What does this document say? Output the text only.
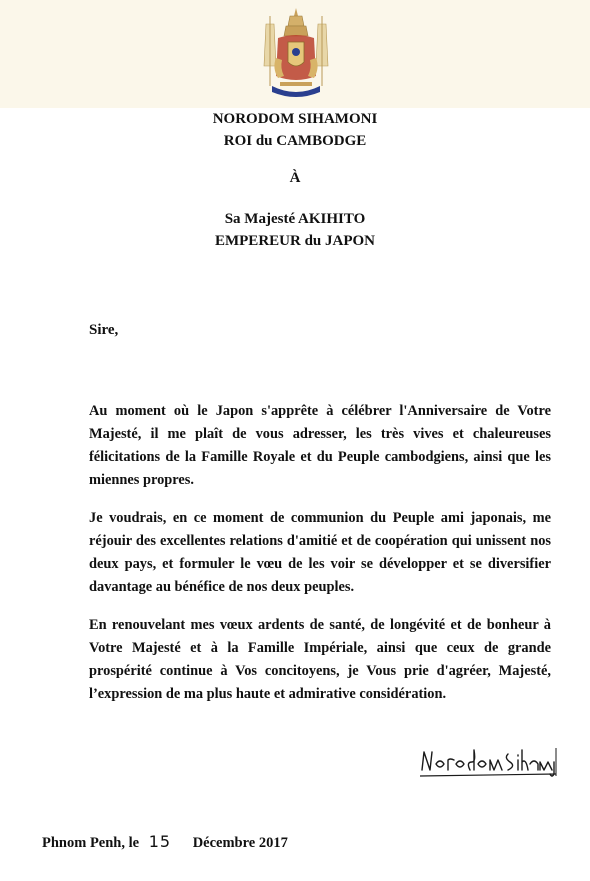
NORODOM SIHAMONI
ROI du CAMBODGE
À
Sa Majesté AKIHITO
EMPEREUR du JAPON
Sire,

Au moment où le Japon s'apprête à célébrer l'Anniversaire de Votre Majesté, il me plaît de vous adresser, les très vives et chaleureuses félicitations de la Famille Royale et du Peuple cambodgiens, ainsi que les miennes propres.

Je voudrais, en ce moment de communion du Peuple ami japonais, me réjouir des excellentes relations d'amitié et de coopération qui unissent nos deux pays, et formuler le vœu de les voir se développer et se diversifier davantage au bénéfice de nos deux peuples.

En renouvelant mes vœux ardents de santé, de longévité et de bonheur à Votre Majesté et à la Famille Impériale, ainsi que ceux de grande prospérité continue à Vos concitoyens, je Vous prie d'agréer, Majesté, l’expression de ma plus haute et admirative considération.

Phnom Penh, le 15 Décembre 2017
